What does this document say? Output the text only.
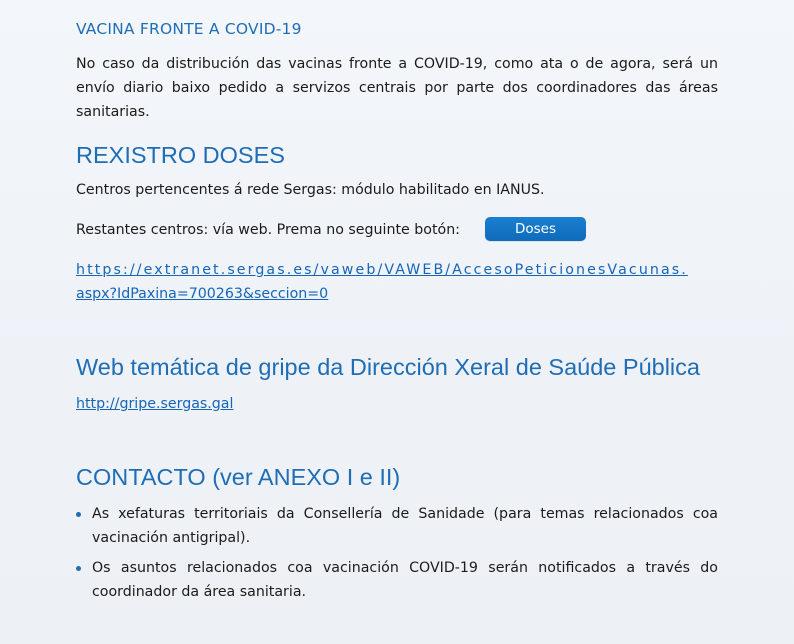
VACINA FRONTE A COVID-19
No caso da distribución das vacinas fronte a COVID-19, como ata o de agora, será un envío diario baixo pedido a servizos centrais por parte dos coordinadores das áreas sanitarias.
REXISTRO DOSES
Centros pertencentes á rede Sergas: módulo habilitado en IANUS.
Restantes centros: vía web. Prema no seguinte botón:	Doses
https://extranet.sergas.es/vaweb/VAWEB/AccesoPeticionesVacunas.
aspx?IdPaxina=700263&seccion=0
Web temática de gripe da Dirección Xeral de Saúde Pública
http://gripe.sergas.gal
CONTACTO (ver ANEXO I e II)
As xefaturas territoriais da Consellería de Sanidade (para temas relacionados coa vacinación antigripal).
Os asuntos relacionados coa vacinación COVID-19 serán notificados a través do coordinador da área sanitaria.
